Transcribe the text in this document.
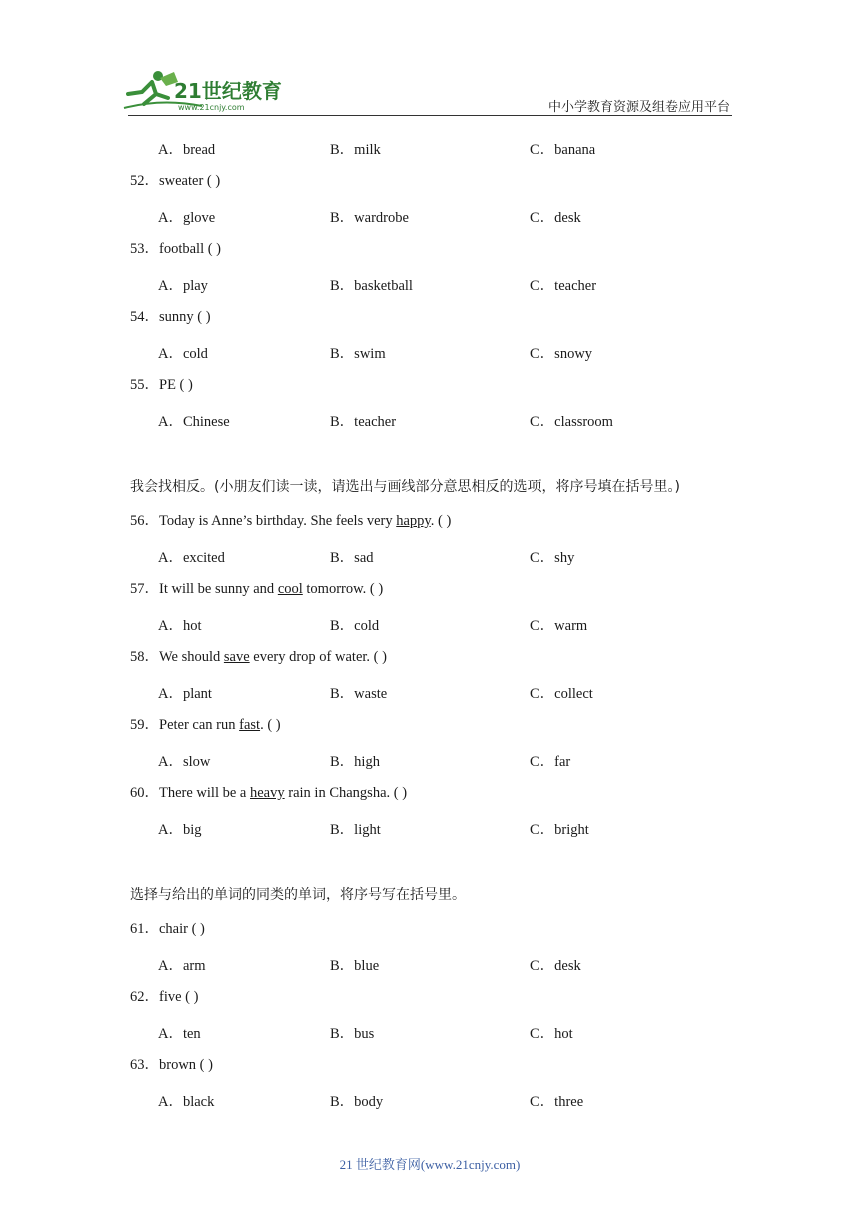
21世纪教育
www.21cnjy.com	中小学教育资源及组卷应用平台
A．bread	B．milk	C．banana
52．sweater ( )
A．glove	B．wardrobe	C．desk
53．football ( )
A．play	B．basketball	C．teacher
54．sunny ( )
A．cold	B．swim	C．snowy
55．PE ( )
A．Chinese	B．teacher	C．classroom
我会找相反。(小朋友们读一读，请选出与画线部分意思相反的选项，将序号填在括号里。)
56．Today is Anne’s birthday. She feels very happy. ( )
A．excited	B．sad	C．shy
57．It will be sunny and cool tomorrow. ( )
A．hot	B．cold	C．warm
58．We should save every drop of water. ( )
A．plant	B．waste	C．collect
59．Peter can run fast. ( )
A．slow	B．high	C．far
60．There will be a heavy rain in Changsha. ( )
A．big	B．light	C．bright
选择与给出的单词的同类的单词，将序号写在括号里。
61．chair ( )
A．arm	B．blue	C．desk
62．five ( )
A．ten	B．bus	C．hot
63．brown ( )
A．black	B．body	C．three
21 世纪教育网(www.21cnjy.com)
